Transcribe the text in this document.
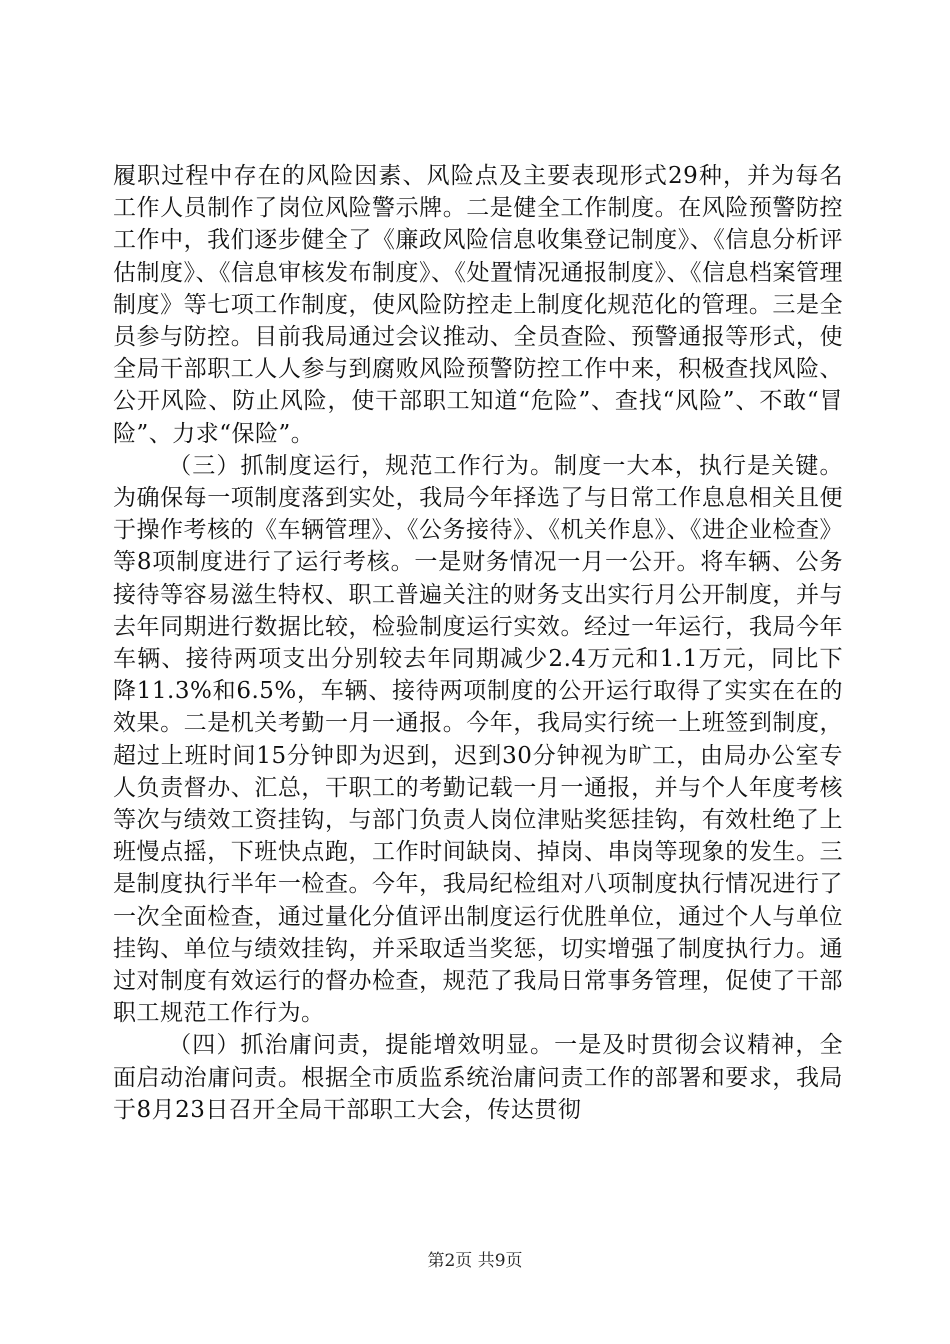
履职过程中存在的风险因素、风险点及主要表现形式29种，并为每名工作人员制作了岗位风险警示牌。二是健全工作制度。在风险预警防控工作中，我们逐步健全了《廉政风险信息收集登记制度》、《信息分析评估制度》、《信息审核发布制度》、《处置情况通报制度》、《信息档案管理制度》等七项工作制度，使风险防控走上制度化规范化的管理。三是全员参与防控。目前我局通过会议推动、全员查险、预警通报等形式，使全局干部职工人人参与到腐败风险预警防控工作中来，积极查找风险、公开风险、防止风险，使干部职工知道“危险”、查找“风险”、不敢“冒险”、力求“保险”。

（三）抓制度运行，规范工作行为。制度一大本，执行是关键。为确保每一项制度落到实处，我局今年择选了与日常工作息息相关且便于操作考核的《车辆管理》、《公务接待》、《机关作息》、《进企业检查》等8项制度进行了运行考核。一是财务情况一月一公开。将车辆、公务接待等容易滋生特权、职工普遍关注的财务支出实行月公开制度，并与去年同期进行数据比较，检验制度运行实效。经过一年运行，我局今年车辆、接待两项支出分别较去年同期减少2.4万元和1.1万元，同比下降11.3%和6.5%，车辆、接待两项制度的公开运行取得了实实在在的效果。二是机关考勤一月一通报。今年，我局实行统一上班签到制度，超过上班时间15分钟即为迟到，迟到30分钟视为旷工，由局办公室专人负责督办、汇总，干职工的考勤记载一月一通报，并与个人年度考核等次与绩效工资挂钩，与部门负责人岗位津贴奖惩挂钩，有效杜绝了上班慢点摇，下班快点跑，工作时间缺岗、掉岗、串岗等现象的发生。三是制度执行半年一检查。今年，我局纪检组对八项制度执行情况进行了一次全面检查，通过量化分值评出制度运行优胜单位，通过个人与单位挂钩、单位与绩效挂钩，并采取适当奖惩，切实增强了制度执行力。通过对制度有效运行的督办检查，规范了我局日常事务管理，促使了干部职工规范工作行为。

（四）抓治庸问责，提能增效明显。一是及时贯彻会议精神，全面启动治庸问责。根据全市质监系统治庸问责工作的部署和要求，我局于8月23日召开全局干部职工大会，传达贯彻

第2页 共9页
